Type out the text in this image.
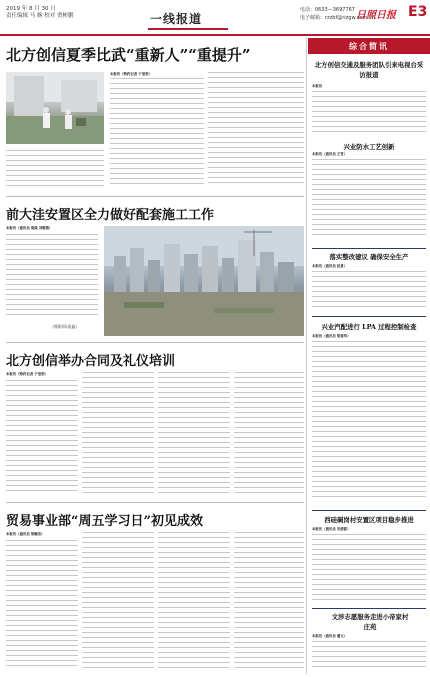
2019 年 8 月 30 日
责任编辑 马 婉 校对 贾彬鹏	一线报道
电话：0633—3697767
电子邮箱：rzzbf@rizgw.com.cn
日照日报 E3
北方创信夏季比武“重新人”“重提升”
本报讯（特约记者 于堂浩）
前大洼安置区全力做好配套施工工作
本报讯（通讯员 胡威 刘敬燕）
（摄影/陈嘉鑫）
北方创信举办合同及礼仪培训
本报讯（特约记者 于堂浩）
贸易事业部“周五学习日”初见成效
本报讯（通讯员 梁毓洁）
综合简讯
北方创信交通及服务团队引来电视台采访报道
本报讯
兴业防水工艺创新
本报讯（通讯员 王青）
落实整改建议 确保安全生产
本报讯（通讯员 赵景）
兴业汽配进行 LPA 过程控制检查
本报讯（通讯员 梁春华）
西硅硐岗村安置区项目稳步推进
本报讯（通讯员 宋倩影）
文涉志愿服务走进小帝家村庄苑
本报讯（通讯员 潘文）
